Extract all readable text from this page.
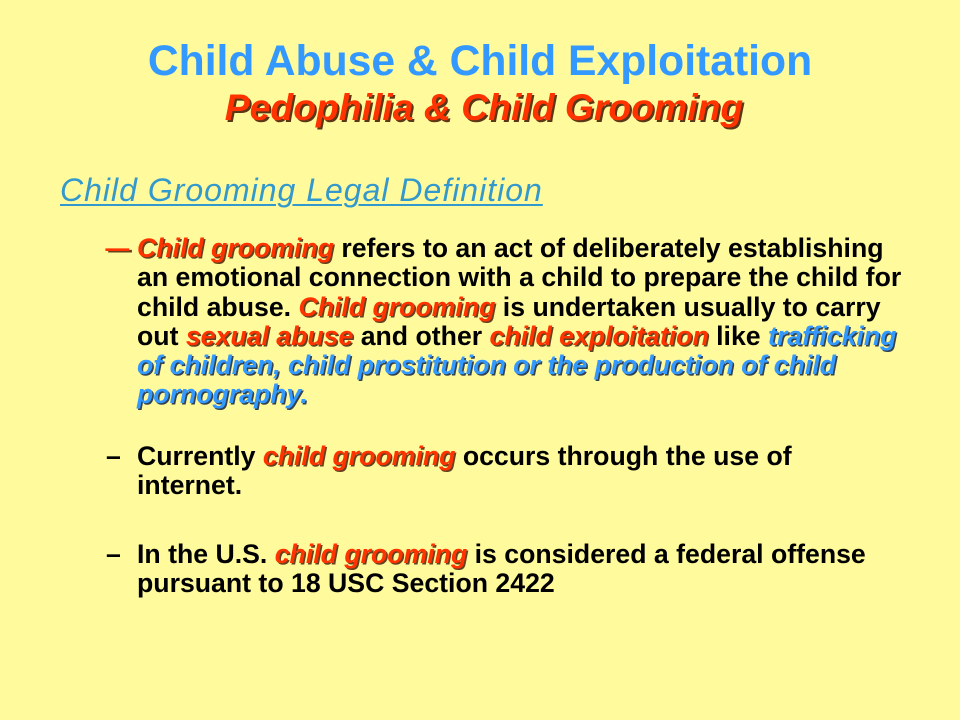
Child Abuse & Child Exploitation
Pedophilia & Child Grooming
Child Grooming Legal Definition
– Child grooming refers to an act of deliberately establishing
an emotional connection with a child to prepare the child for
child abuse. Child grooming is undertaken usually to carry
out sexual abuse and other child exploitation like trafficking
of children, child prostitution or the production of child
pornography.
– Currently child grooming occurs through the use of
internet.
– In the U.S. child grooming is considered a federal offense
pursuant to 18 USC Section 2422
